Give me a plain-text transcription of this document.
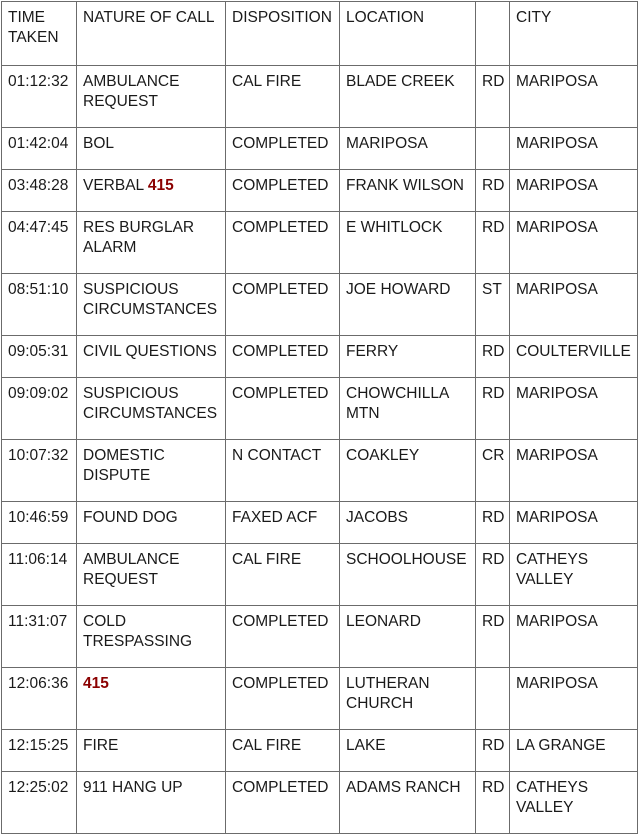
TIME TAKEN	NATURE OF CALL	DISPOSITION	LOCATION		CITY
01:12:32	AMBULANCE REQUEST	CAL FIRE	BLADE CREEK	RD	MARIPOSA
01:42:04	BOL	COMPLETED	MARIPOSA		MARIPOSA
03:48:28	VERBAL 415	COMPLETED	FRANK WILSON	RD	MARIPOSA
04:47:45	RES BURGLAR ALARM	COMPLETED	E WHITLOCK	RD	MARIPOSA
08:51:10	SUSPICIOUS CIRCUMSTANCES	COMPLETED	JOE HOWARD	ST	MARIPOSA
09:05:31	CIVIL QUESTIONS	COMPLETED	FERRY	RD	COULTERVILLE
09:09:02	SUSPICIOUS CIRCUMSTANCES	COMPLETED	CHOWCHILLA MTN	RD	MARIPOSA
10:07:32	DOMESTIC DISPUTE	N CONTACT	COAKLEY	CR	MARIPOSA
10:46:59	FOUND DOG	FAXED ACF	JACOBS	RD	MARIPOSA
11:06:14	AMBULANCE REQUEST	CAL FIRE	SCHOOLHOUSE	RD	CATHEYS VALLEY
11:31:07	COLD TRESPASSING	COMPLETED	LEONARD	RD	MARIPOSA
12:06:36	415	COMPLETED	LUTHERAN CHURCH		MARIPOSA
12:15:25	FIRE	CAL FIRE	LAKE	RD	LA GRANGE
12:25:02	911 HANG UP	COMPLETED	ADAMS RANCH	RD	CATHEYS VALLEY
